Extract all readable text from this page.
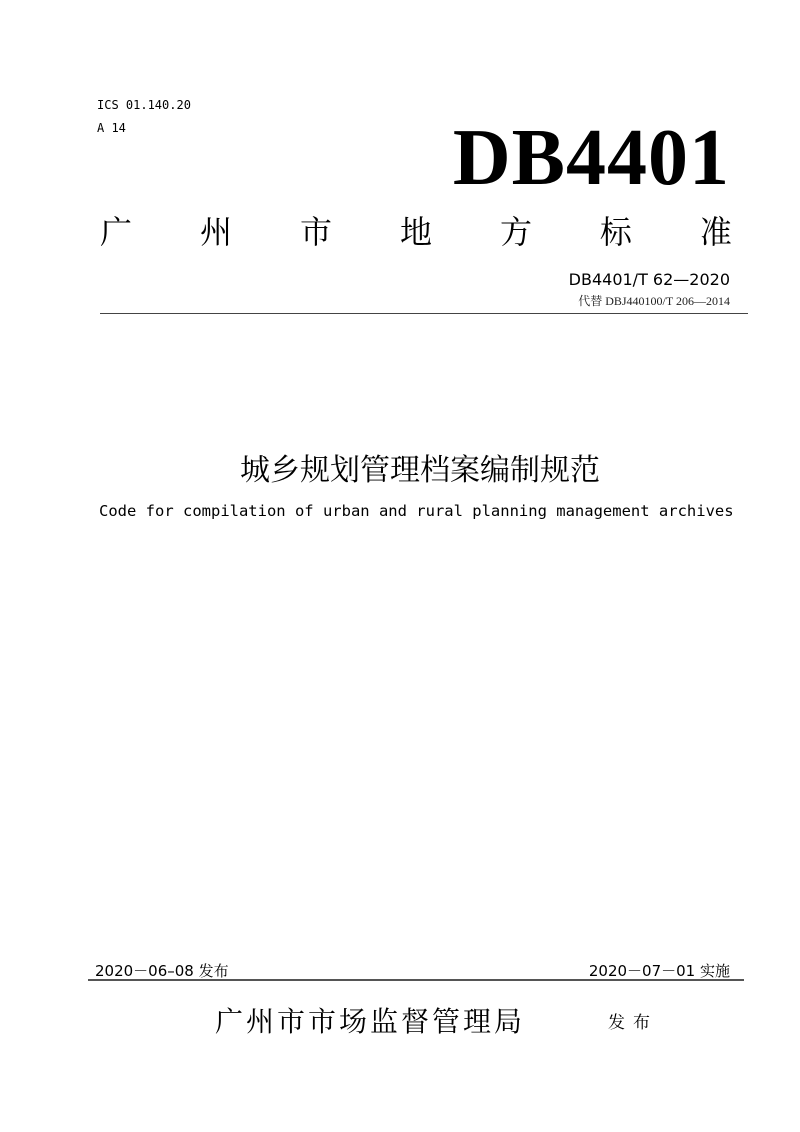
ICS 01.140.20
A 14	DB4401
广 州 市 地 方 标 准
DB4401/T 62—2020
代替 DBJ440100/T 206—2014
城乡规划管理档案编制规范
Code for compilation of urban and rural planning management archives
2020－06–08 发布	2020－07－01 实施
广州市市场监督管理局	发布
